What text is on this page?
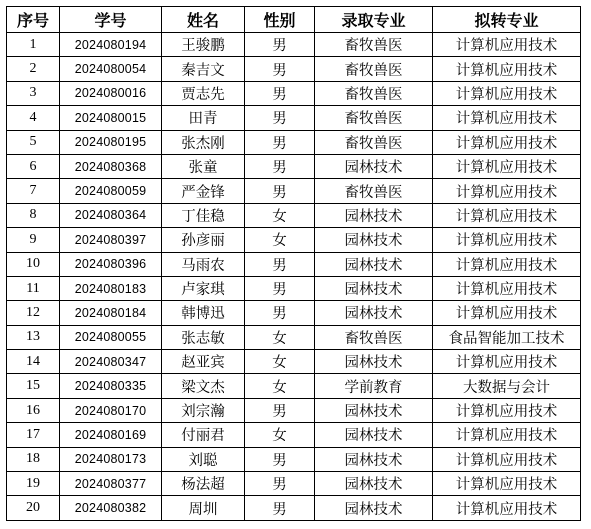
序号	学号	姓名	性别	录取专业	拟转专业
1	2024080194	王骏鹏	男	畜牧兽医	计算机应用技术
2	2024080054	秦吉文	男	畜牧兽医	计算机应用技术
3	2024080016	贾志先	男	畜牧兽医	计算机应用技术
4	2024080015	田青	男	畜牧兽医	计算机应用技术
5	2024080195	张杰刚	男	畜牧兽医	计算机应用技术
6	2024080368	张童	男	园林技术	计算机应用技术
7	2024080059	严金锋	男	畜牧兽医	计算机应用技术
8	2024080364	丁佳稳	女	园林技术	计算机应用技术
9	2024080397	孙彦丽	女	园林技术	计算机应用技术
10	2024080396	马雨农	男	园林技术	计算机应用技术
11	2024080183	卢家琪	男	园林技术	计算机应用技术
12	2024080184	韩博迅	男	园林技术	计算机应用技术
13	2024080055	张志敏	女	畜牧兽医	食品智能加工技术
14	2024080347	赵亚宾	女	园林技术	计算机应用技术
15	2024080335	梁文杰	女	学前教育	大数据与会计
16	2024080170	刘宗瀚	男	园林技术	计算机应用技术
17	2024080169	付丽君	女	园林技术	计算机应用技术
18	2024080173	刘聪	男	园林技术	计算机应用技术
19	2024080377	杨法超	男	园林技术	计算机应用技术
20	2024080382	周圳	男	园林技术	计算机应用技术
